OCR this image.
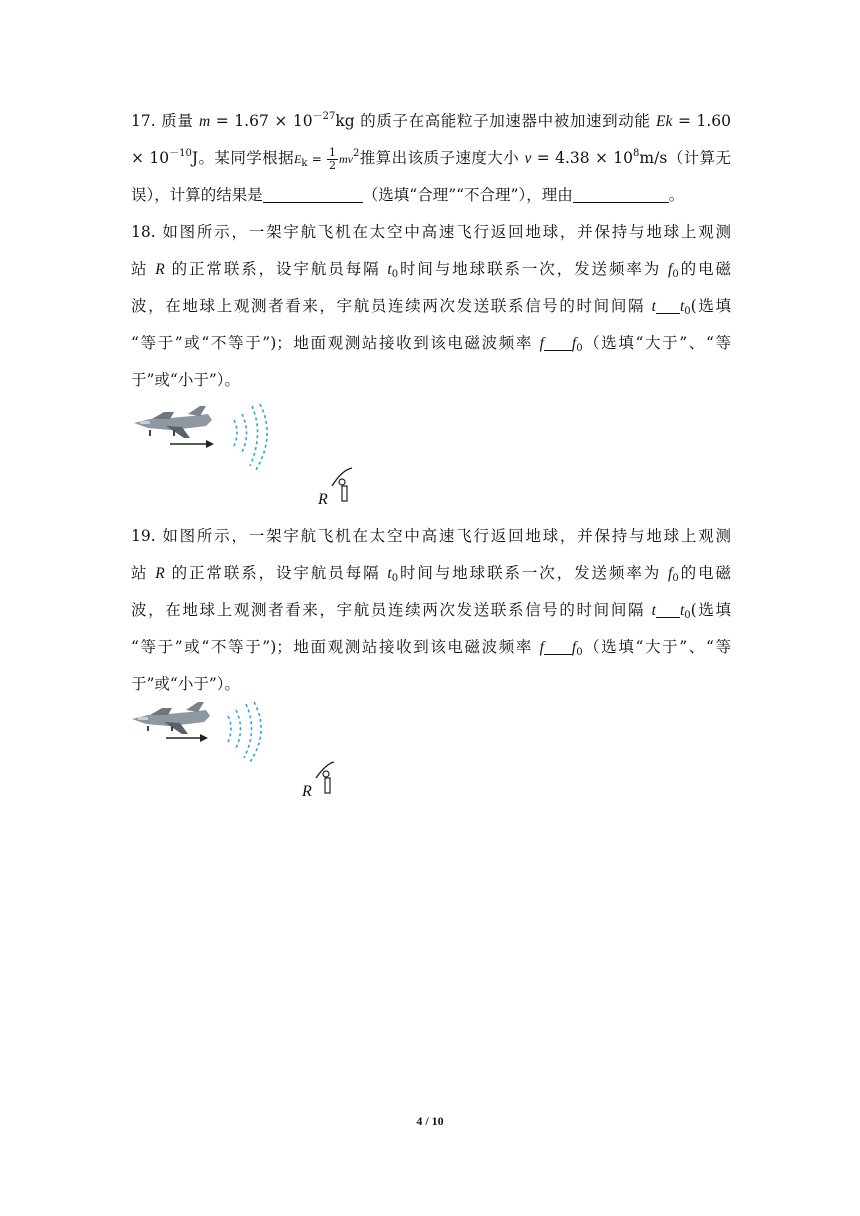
17. 质量 $m = 1.67 \times 10^{-27}kg$ 的质子在高能粒子加速器中被加速到动能 Ek = 1.60
× $10^{-10}J$。某同学根据$E_k = \frac{1}{2} mv^2$推算出该质子速度大小 $v = 4.38 \times 10^8m/s$（计算无
误），计算的结果是	（选填“合理”“不合理”），理由	。
18. 如图所示，一架宇航飞机在太空中高速飞行返回地球，并保持与地球上观测
站 R 的正常联系，设宇航员每隔 $t_0$时间与地球联系一次，发送频率为 $f_0$的电磁
波，在地球上观测者看来，宇航员连续两次发送联系信号的时间间隔 t $t_0$(选填
“等于”或“不等于”)；地面观测站接收到该电磁波频率 f $f_0$（选填“大于”、“等
于”或“小于”）。
R
19. 如图所示，一架宇航飞机在太空中高速飞行返回地球，并保持与地球上观测
站 R 的正常联系，设宇航员每隔 $t_0$时间与地球联系一次，发送频率为 $f_0$的电磁
波，在地球上观测者看来，宇航员连续两次发送联系信号的时间间隔 t $t_0$(选填
“等于”或“不等于”)；地面观测站接收到该电磁波频率 f $f_0$（选填“大于”、“等
于”或“小于”）。
R
4 / 10
